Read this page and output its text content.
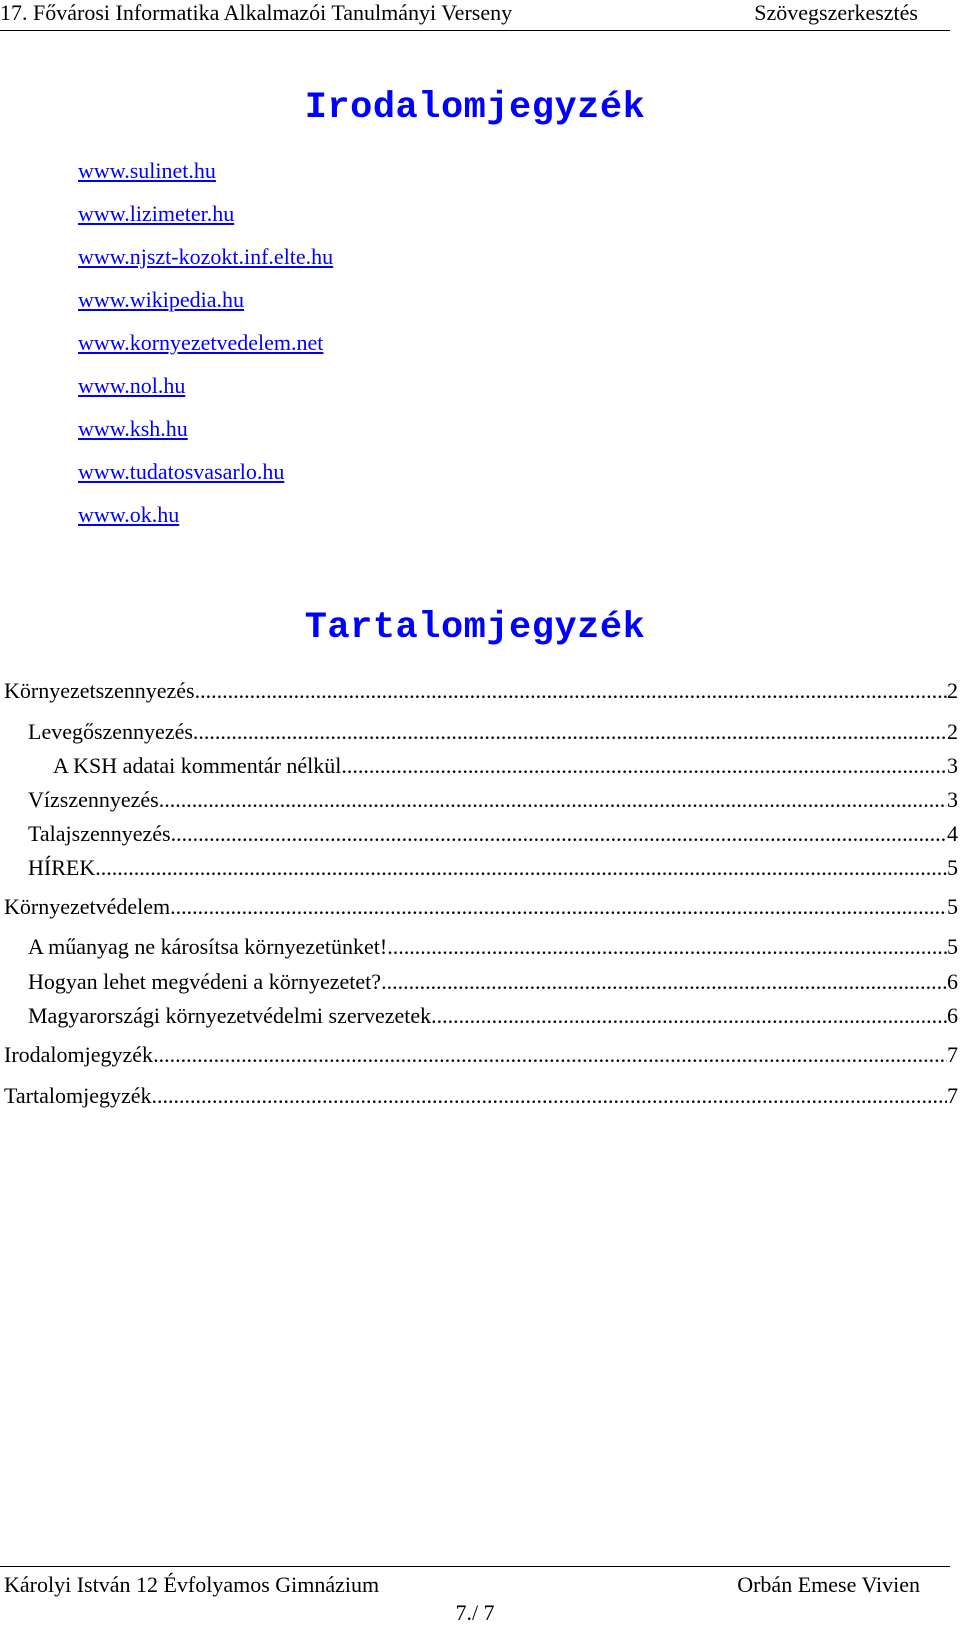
17. Fővárosi Informatika Alkalmazói Tanulmányi Verseny	Szövegszerkesztés
Irodalomjegyzék
www.sulinet.hu
www.lizimeter.hu
www.njszt-kozokt.inf.elte.hu
www.wikipedia.hu
www.kornyezetvedelem.net
www.nol.hu
www.ksh.hu
www.tudatosvasarlo.hu
www.ok.hu
Tartalomjegyzék
Környezetszennyezés .....	2
Levegőszennyezés .....	2
A KSH adatai kommentár nélkül .....	3
Vízszennyezés .....	3
Talajszennyezés .....	4
HÍREK .....	5
Környezetvédelem .....	5
A műanyag ne károsítsa környezetünket! .....	5
Hogyan lehet megvédeni a környezetet? .....	6
Magyarországi környezetvédelmi szervezetek .....	6
Irodalomjegyzék .....	7
Tartalomjegyzék .....	7
Károlyi István 12 Évfolyamos Gimnázium	Orbán Emese Vivien
7./ 7
